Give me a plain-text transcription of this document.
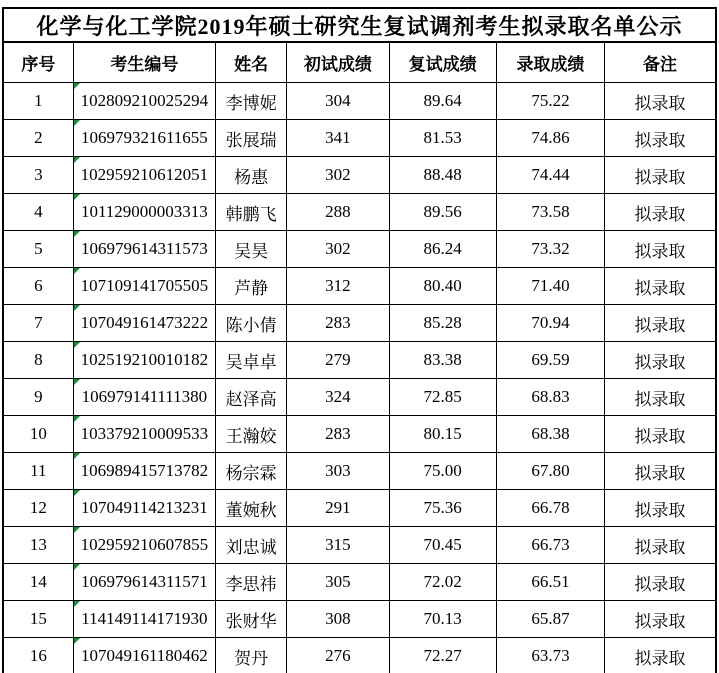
化学与化工学院2019年硕士研究生复试调剂考生拟录取名单公示						
序号	考生编号	姓名	初试成绩	复试成绩	录取成绩	备注
1	102809210025294	李博妮	304	89.64	75.22	拟录取
2	106979321611655	张展瑞	341	81.53	74.86	拟录取
3	102959210612051	杨惠	302	88.48	74.44	拟录取
4	101129000003313	韩鹏飞	288	89.56	73.58	拟录取
5	106979614311573	吴昊	302	86.24	73.32	拟录取
6	107109141705505	芦静	312	80.40	71.40	拟录取
7	107049161473222	陈小倩	283	85.28	70.94	拟录取
8	102519210010182	吴卓卓	279	83.38	69.59	拟录取
9	106979141111380	赵泽高	324	72.85	68.83	拟录取
10	103379210009533	王瀚姣	283	80.15	68.38	拟录取
11	106989415713782	杨宗霖	303	75.00	67.80	拟录取
12	107049114213231	董婉秋	291	75.36	66.78	拟录取
13	102959210607855	刘忠诚	315	70.45	66.73	拟录取
14	106979614311571	李思祎	305	72.02	66.51	拟录取
15	114149114171930	张财华	308	70.13	65.87	拟录取
16	107049161180462	贺丹	276	72.27	63.73	拟录取
